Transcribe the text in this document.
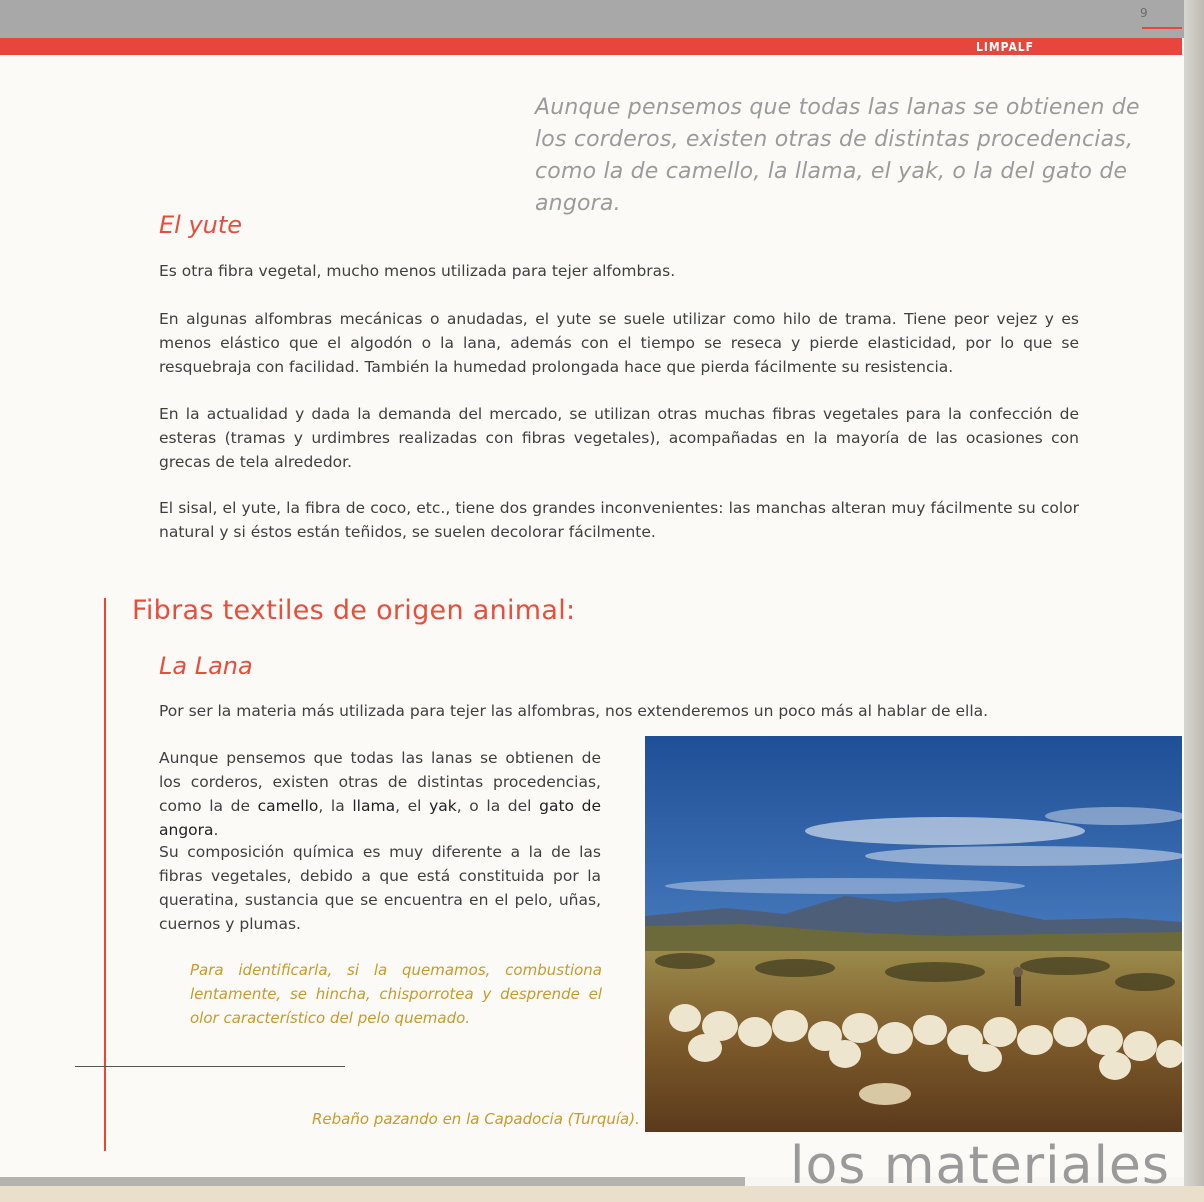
LIMPALF
9
Aunque pensemos que todas las lanas se obtienen de los corderos, existen otras de distintas procedencias, como la de camello, la llama, el yak, o la del gato de angora.
El yute
Es otra fibra vegetal, mucho menos utilizada para tejer alfombras.
En algunas alfombras mecánicas o anudadas, el yute se suele utilizar como hilo de trama. Tiene peor vejez y es menos elástico que el algodón o la lana, además con el tiempo se reseca y pierde elasticidad, por lo que se resquebraja con facilidad. También la humedad prolongada hace que pierda fácilmente su resistencia.
En la actualidad y dada la demanda del mercado, se utilizan otras muchas fibras vegetales para la confección de esteras (tramas y urdimbres realizadas con fibras vegetales), acompañadas en la mayoría de las ocasiones con grecas de tela alrededor.
El sisal, el yute, la fibra de coco, etc., tiene dos grandes inconvenientes: las manchas alteran muy fácilmente su color natural y si éstos están teñidos, se suelen decolorar fácilmente.
Fibras textiles de origen animal:
La Lana
Por ser la materia más utilizada para tejer las alfombras, nos extenderemos un poco más al hablar de ella.
Aunque pensemos que todas las lanas se obtienen de los corderos, existen otras de distintas procedencias, como la de camello, la llama, el yak, o la del gato de angora.
Su composición química es muy diferente a la de las fibras vegetales, debido a que está constituida por la queratina, sustancia que se encuentra en el pelo, uñas, cuernos y plumas.
Para identificarla, si la quemamos, combustiona lentamente, se hincha, chisporrotea y desprende el olor característico del pelo quemado.
Rebaño pazando en la Capadocia (Turquía).
los materiales
